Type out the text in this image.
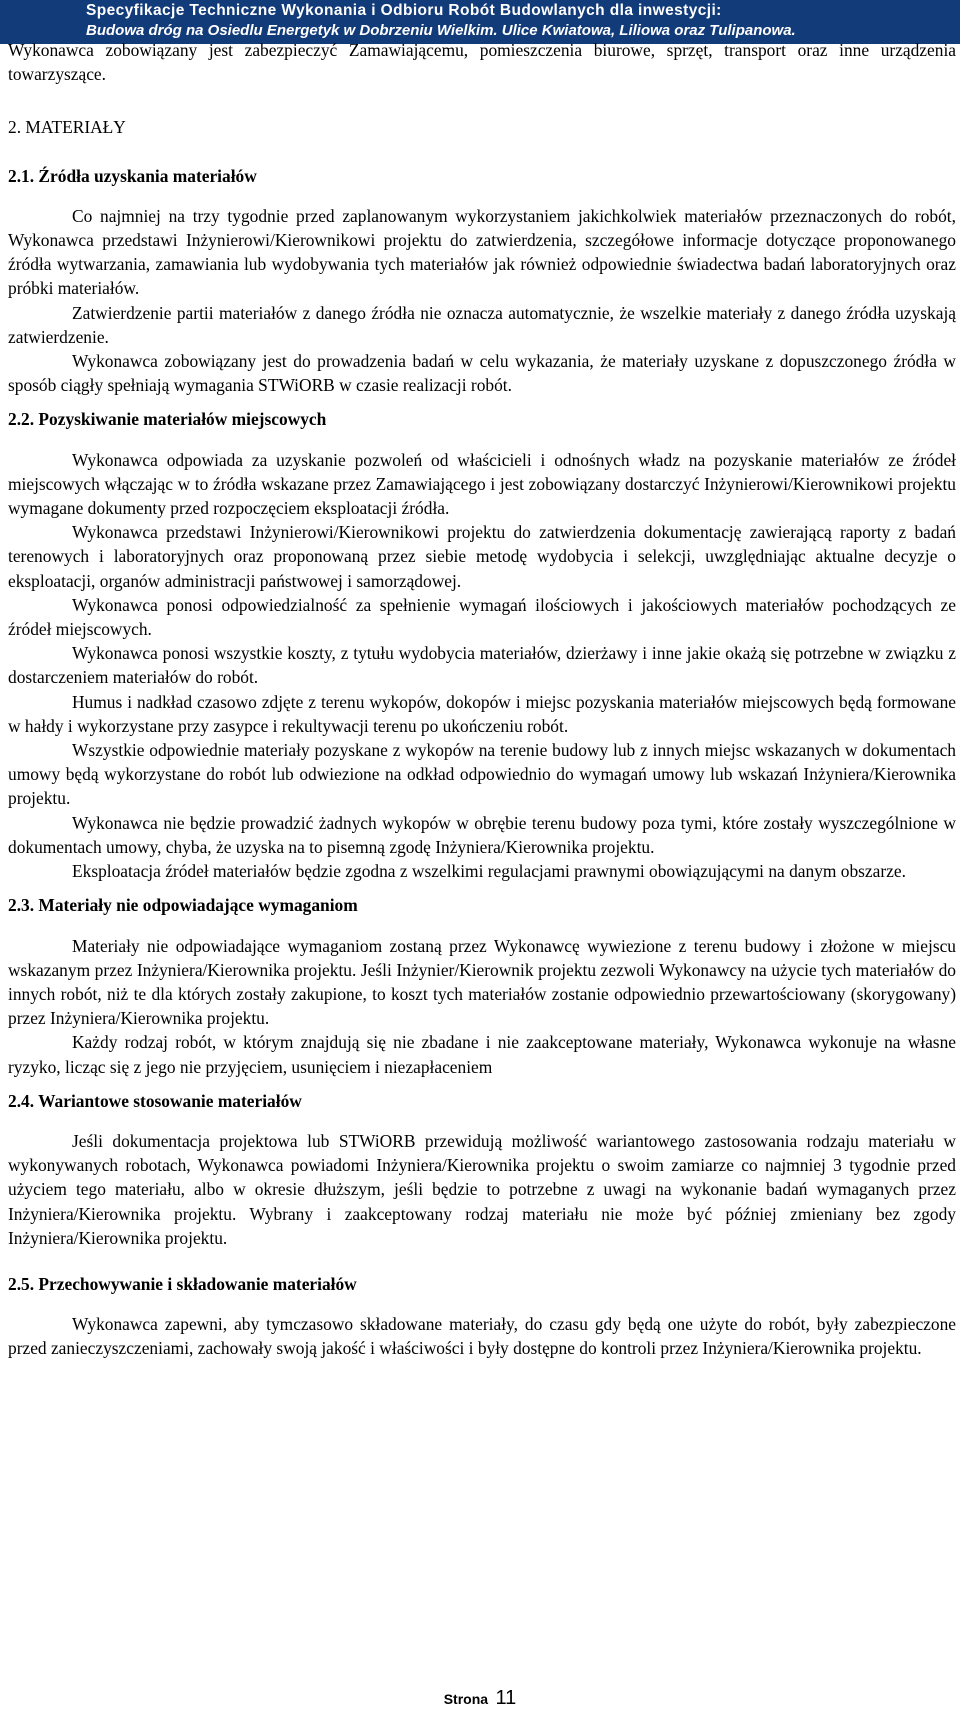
Specyfikacje Techniczne Wykonania i Odbioru Robót Budowlanych dla inwestycji:
Budowa dróg na Osiedlu Energetyk w Dobrzeniu Wielkim. Ulice Kwiatowa, Liliowa oraz Tulipanowa.

Wykonawca zobowiązany jest zabezpieczyć Zamawiającemu, pomieszczenia biurowe, sprzęt, transport oraz inne urządzenia towarzyszące.

2. MATERIAŁY

2.1. Źródła uzyskania materiałów

Co najmniej na trzy tygodnie przed zaplanowanym wykorzystaniem jakichkolwiek materiałów przeznaczonych do robót, Wykonawca przedstawi Inżynierowi/Kierownikowi projektu do zatwierdzenia, szczegółowe informacje dotyczące proponowanego źródła wytwarzania, zamawiania lub wydobywania tych materiałów jak również odpowiednie świadectwa badań laboratoryjnych oraz próbki materiałów.

Zatwierdzenie partii materiałów z danego źródła nie oznacza automatycznie, że wszelkie materiały z danego źródła uzyskają zatwierdzenie.

Wykonawca zobowiązany jest do prowadzenia badań w celu wykazania, że materiały uzyskane z dopuszczonego źródła w sposób ciągły spełniają wymagania STWiORB w czasie realizacji robót.

2.2. Pozyskiwanie materiałów miejscowych

Wykonawca odpowiada za uzyskanie pozwoleń od właścicieli i odnośnych władz na pozyskanie materiałów ze źródeł miejscowych włączając w to źródła wskazane przez Zamawiającego i jest zobowiązany dostarczyć Inżynierowi/Kierownikowi projektu wymagane dokumenty przed rozpoczęciem eksploatacji źródła.

Wykonawca przedstawi Inżynierowi/Kierownikowi projektu do zatwierdzenia dokumentację zawierającą raporty z badań terenowych i laboratoryjnych oraz proponowaną przez siebie metodę wydobycia i selekcji, uwzględniając aktualne decyzje o eksploatacji, organów administracji państwowej i samorządowej.

Wykonawca ponosi odpowiedzialność za spełnienie wymagań ilościowych i jakościowych materiałów pochodzących ze źródeł miejscowych.

Wykonawca ponosi wszystkie koszty, z tytułu wydobycia materiałów, dzierżawy i inne jakie okażą się potrzebne w związku z dostarczeniem materiałów do robót.

Humus i nadkład czasowo zdjęte z terenu wykopów, dokopów i miejsc pozyskania materiałów miejscowych będą formowane w hałdy i wykorzystane przy zasypce i rekultywacji terenu po ukończeniu robót.

Wszystkie odpowiednie materiały pozyskane z wykopów na terenie budowy lub z innych miejsc wskazanych w dokumentach umowy będą wykorzystane do robót lub odwiezione na odkład odpowiednio do wymagań umowy lub wskazań Inżyniera/Kierownika projektu.

Wykonawca nie będzie prowadzić żadnych wykopów w obrębie terenu budowy poza tymi, które zostały wyszczególnione w dokumentach umowy, chyba, że uzyska na to pisemną zgodę Inżyniera/Kierownika projektu.

Eksploatacja źródeł materiałów będzie zgodna z wszelkimi regulacjami prawnymi obowiązującymi na danym obszarze.

2.3. Materiały nie odpowiadające wymaganiom

Materiały nie odpowiadające wymaganiom zostaną przez Wykonawcę wywiezione z terenu budowy i złożone w miejscu wskazanym przez Inżyniera/Kierownika projektu. Jeśli Inżynier/Kierownik projektu zezwoli Wykonawcy na użycie tych materiałów do innych robót, niż te dla których zostały zakupione, to koszt tych materiałów zostanie odpowiednio przewartościowany (skorygowany) przez Inżyniera/Kierownika projektu.

Każdy rodzaj robót, w którym znajdują się nie zbadane i nie zaakceptowane materiały, Wykonawca wykonuje na własne ryzyko, licząc się z jego nie przyjęciem, usunięciem i niezapłaceniem

2.4. Wariantowe stosowanie materiałów

Jeśli dokumentacja projektowa lub STWiORB przewidują możliwość wariantowego zastosowania rodzaju materiału w wykonywanych robotach, Wykonawca powiadomi Inżyniera/Kierownika projektu o swoim zamiarze co najmniej 3 tygodnie przed użyciem tego materiału, albo w okresie dłuższym, jeśli będzie to potrzebne z uwagi na wykonanie badań wymaganych przez Inżyniera/Kierownika projektu. Wybrany i zaakceptowany rodzaj materiału nie może być później zmieniany bez zgody Inżyniera/Kierownika projektu.

2.5. Przechowywanie i składowanie materiałów

Wykonawca zapewni, aby tymczasowo składowane materiały, do czasu gdy będą one użyte do robót, były zabezpieczone przed zanieczyszczeniami, zachowały swoją jakość i właściwości i były dostępne do kontroli przez Inżyniera/Kierownika projektu.

Strona 11
